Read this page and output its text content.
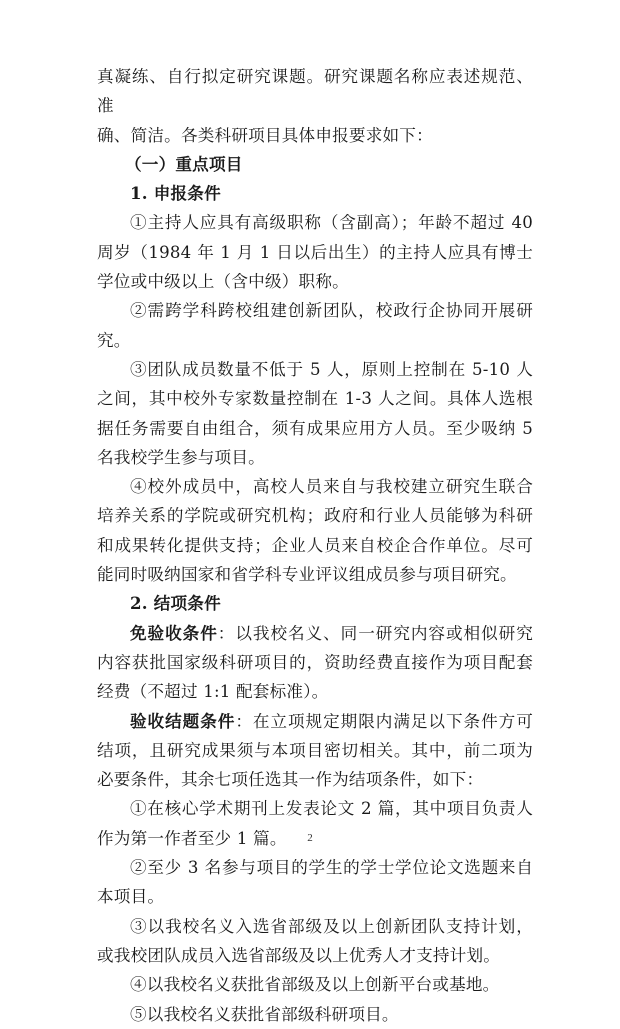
真凝练、自行拟定研究课题。研究课题名称应表述规范、准

确、简洁。各类科研项目具体申报要求如下：

（一）重点项目

1. 申报条件

①主持人应具有高级职称（含副高）；年龄不超过 40 周岁（1984 年 1 月 1 日以后出生）的主持人应具有博士学位或中级以上（含中级）职称。

②需跨学科跨校组建创新团队，校政行企协同开展研究。

③团队成员数量不低于 5 人，原则上控制在 5-10 人之间，其中校外专家数量控制在 1-3 人之间。具体人选根据任务需要自由组合，须有成果应用方人员。至少吸纳 5 名我校学生参与项目。

④校外成员中，高校人员来自与我校建立研究生联合培养关系的学院或研究机构；政府和行业人员能够为科研和成果转化提供支持；企业人员来自校企合作单位。尽可能同时吸纳国家和省学科专业评议组成员参与项目研究。

2. 结项条件

免验收条件：以我校名义、同一研究内容或相似研究内容获批国家级科研项目的，资助经费直接作为项目配套经费（不超过 1:1 配套标准）。

验收结题条件：在立项规定期限内满足以下条件方可结项，且研究成果须与本项目密切相关。其中，前二项为必要条件，其余七项任选其一作为结项条件，如下：

①在核心学术期刊上发表论文 2 篇，其中项目负责人作为第一作者至少 1 篇。

②至少 3 名参与项目的学生的学士学位论文选题来自本项目。

③以我校名义入选省部级及以上创新团队支持计划，或我校团队成员入选省部级及以上优秀人才支持计划。

④以我校名义获批省部级及以上创新平台或基地。

⑤以我校名义获批省部级科研项目。

2
